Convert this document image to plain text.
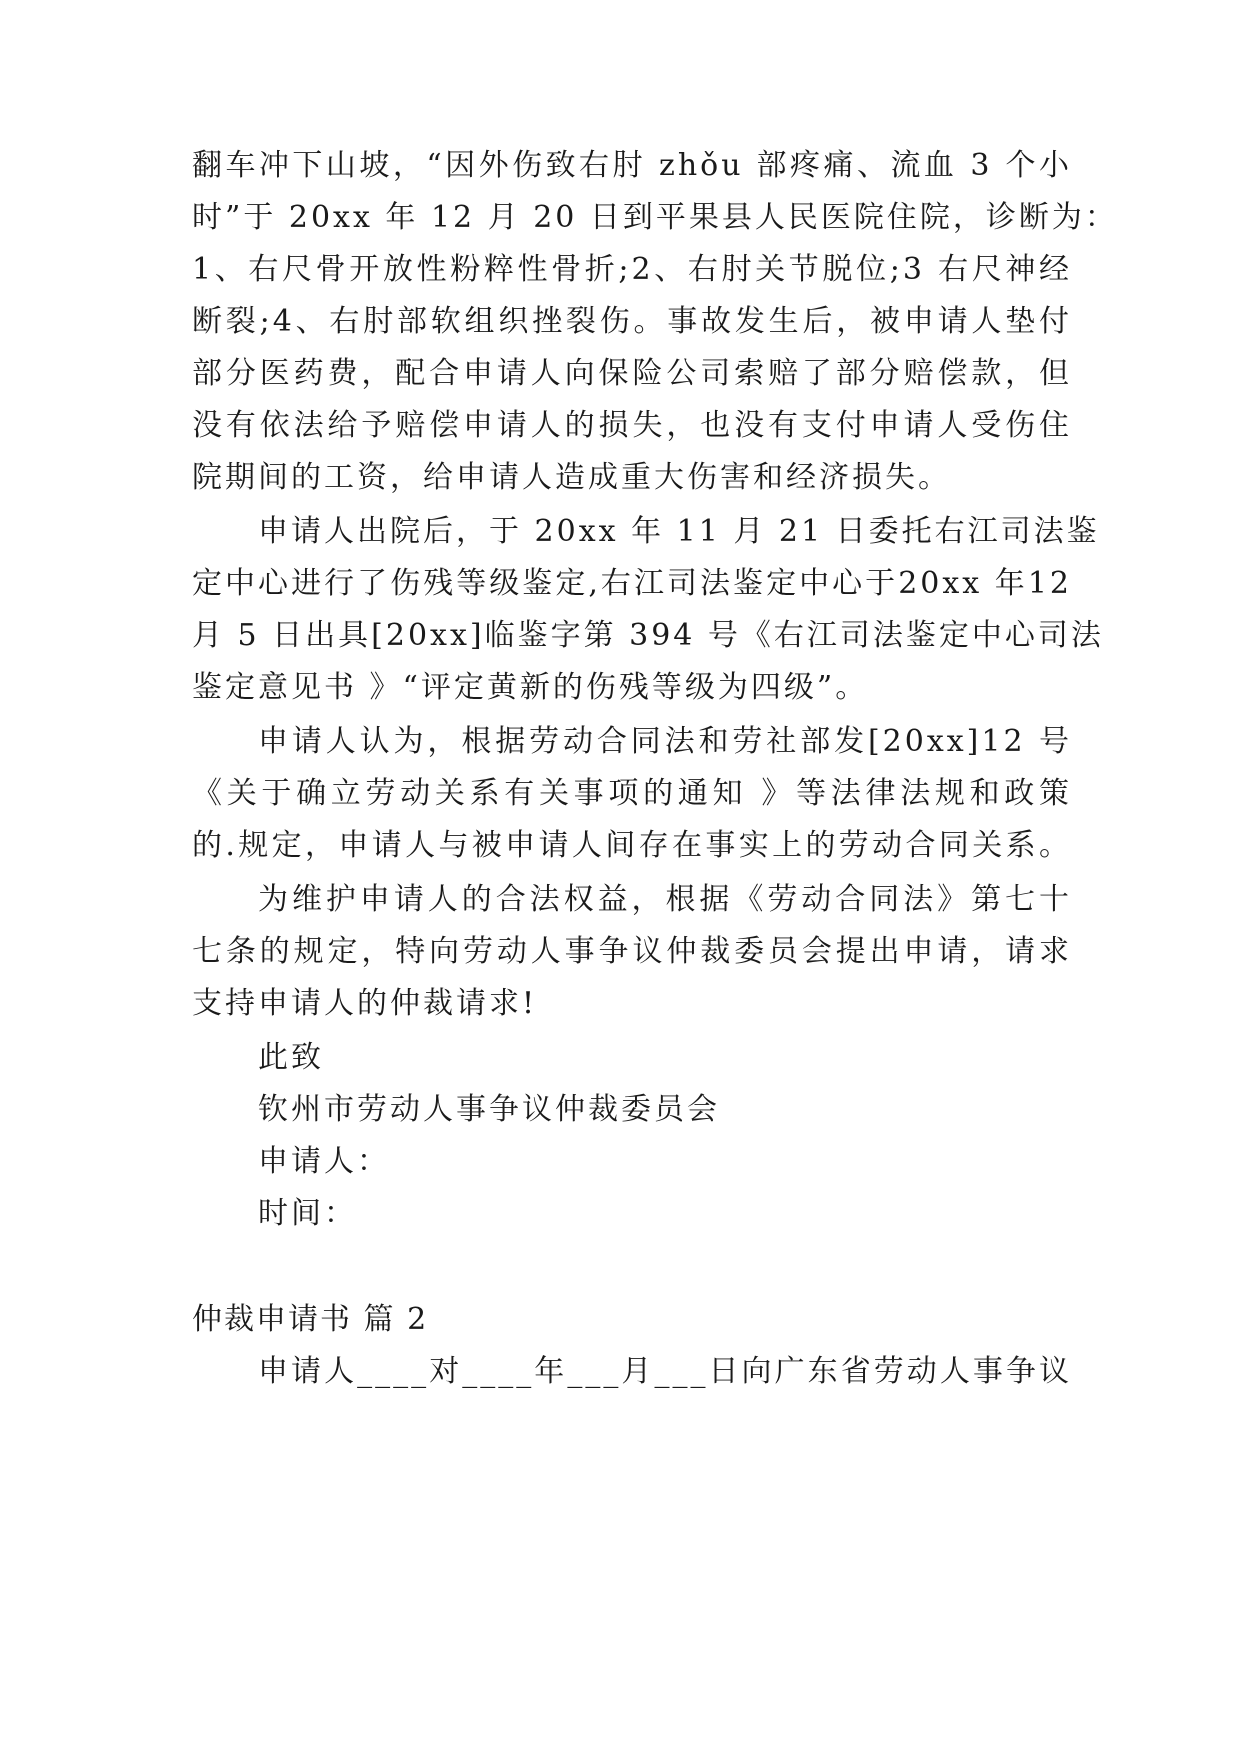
翻车冲下山坡，“因外伤致右肘 zhǒu 部疼痛、流血 3 个小
时”于 20xx 年 12 月 20 日到平果县人民医院住院，诊断为：
1、右尺骨开放性粉粹性骨折;2、右肘关节脱位;3 右尺神经
断裂;4、右肘部软组织挫裂伤。事故发生后，被申请人垫付
部分医药费，配合申请人向保险公司索赔了部分赔偿款，但
没有依法给予赔偿申请人的损失，也没有支付申请人受伤住
院期间的工资，给申请人造成重大伤害和经济损失。
申请人出院后，于 20xx 年 11 月 21 日委托右江司法鉴
定中心进行了伤残等级鉴定,右江司法鉴定中心于20xx 年12
月 5 日出具[20xx]临鉴字第 394 号《右江司法鉴定中心司法
鉴定意见书 》“评定黄新的伤残等级为四级”。
申请人认为，根据劳动合同法和劳社部发[20xx]12 号
《关于确立劳动关系有关事项的通知 》等法律法规和政策
的.规定，申请人与被申请人间存在事实上的劳动合同关系。
为维护申请人的合法权益，根据《劳动合同法》第七十
七条的规定，特向劳动人事争议仲裁委员会提出申请，请求
支持申请人的仲裁请求!
此致
钦州市劳动人事争议仲裁委员会
申请人：
时间：
仲裁申请书 篇 2
申请人____对____年___月___日向广东省劳动人事争议
